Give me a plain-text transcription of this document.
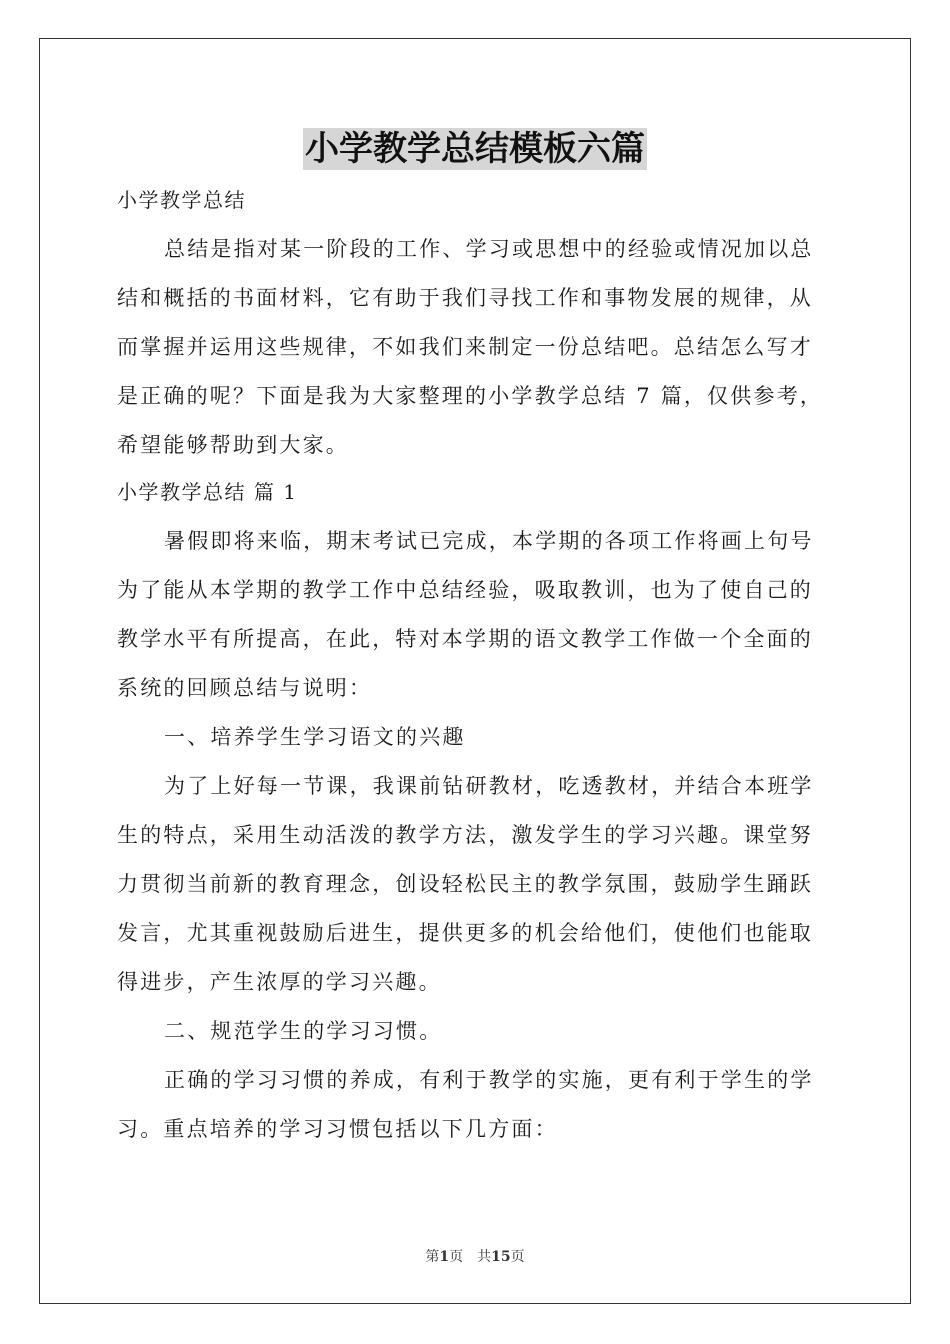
小学教学总结模板六篇

小学教学总结

总结是指对某一阶段的工作、学习或思想中的经验或情况加以总

结和概括的书面材料，它有助于我们寻找工作和事物发展的规律，从

而掌握并运用这些规律，不如我们来制定一份总结吧。总结怎么写才

是正确的呢？下面是我为大家整理的小学教学总结 7 篇，仅供参考，

希望能够帮助到大家。

小学教学总结 篇 1

暑假即将来临，期末考试已完成，本学期的各项工作将画上句号

为了能从本学期的教学工作中总结经验，吸取教训，也为了使自己的

教学水平有所提高，在此，特对本学期的语文教学工作做一个全面的

系统的回顾总结与说明：

一、培养学生学习语文的兴趣

为了上好每一节课，我课前钻研教材，吃透教材，并结合本班学

生的特点，采用生动活泼的教学方法，激发学生的学习兴趣。课堂努

力贯彻当前新的教育理念，创设轻松民主的教学氛围，鼓励学生踊跃

发言，尤其重视鼓励后进生，提供更多的机会给他们，使他们也能取

得进步，产生浓厚的学习兴趣。

二、规范学生的学习习惯。

正确的学习习惯的养成，有利于教学的实施，更有利于学生的学

习。重点培养的学习习惯包括以下几方面：

第1页　共15页
